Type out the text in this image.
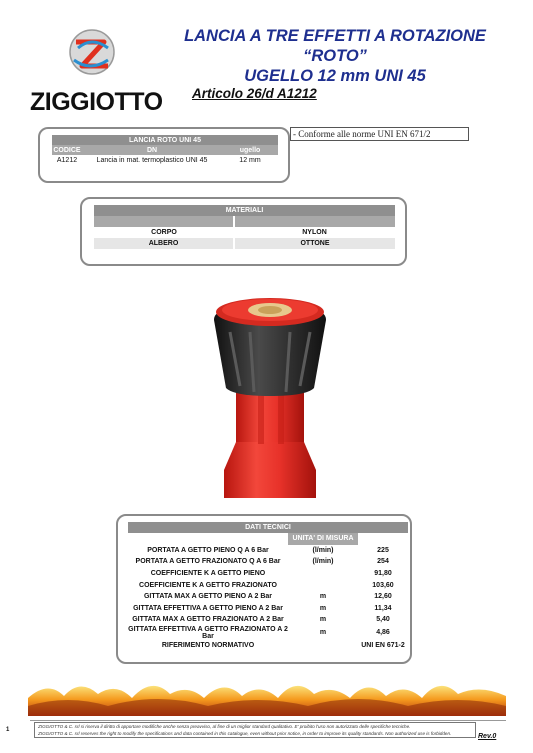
ZIGGIOTTO
LANCIA A TRE EFFETTI A ROTAZIONE “ROTO”
UGELLO 12 mm UNI 45
Articolo 26/d A1212
- Conforme alle norme UNI EN 671/2
LANCIA ROTO UNI 45		
CODICE	DN	ugello
A1212	Lancia in mat. termoplastico UNI 45	12 mm
MATERIALI	

CORPO	NYLON
ALBERO	OTTONE
DATI TECNICI		
	UNITA' DI MISURA	
PORTATA A GETTO PIENO Q A 6 Bar	(l/min)	225
PORTATA A GETTO FRAZIONATO Q A 6 Bar	(l/min)	254
COEFFICIENTE K A GETTO PIENO		91,80
COEFFICIENTE K A GETTO FRAZIONATO		103,60
GITTATA MAX A GETTO PIENO A 2 Bar	m	12,60
GITTATA EFFETTIVA A GETTO PIENO A 2 Bar	m	11,34
GITTATA MAX A GETTO FRAZIONATO A 2 Bar	m	5,40
GITTATA EFFETTIVA A GETTO FRAZIONATO A 2 Bar	m	4,86
RIFERIMENTO NORMATIVO		UNI EN 671-2
1
ZIGGIOTTO & C. srl si riserva il diritto di apportare modifiche anche senza preavviso, al fine di un miglior standard qualitativo. E' proibito l'uso non autorizzato delle specifiche tecniche.
ZIGGIOTTO & C. srl reserves the right to modify the specifications and data contained in this catalogue, even without prior notice, in order to improve its quality standards. Non authorized use is forbidden.	Rev.0
